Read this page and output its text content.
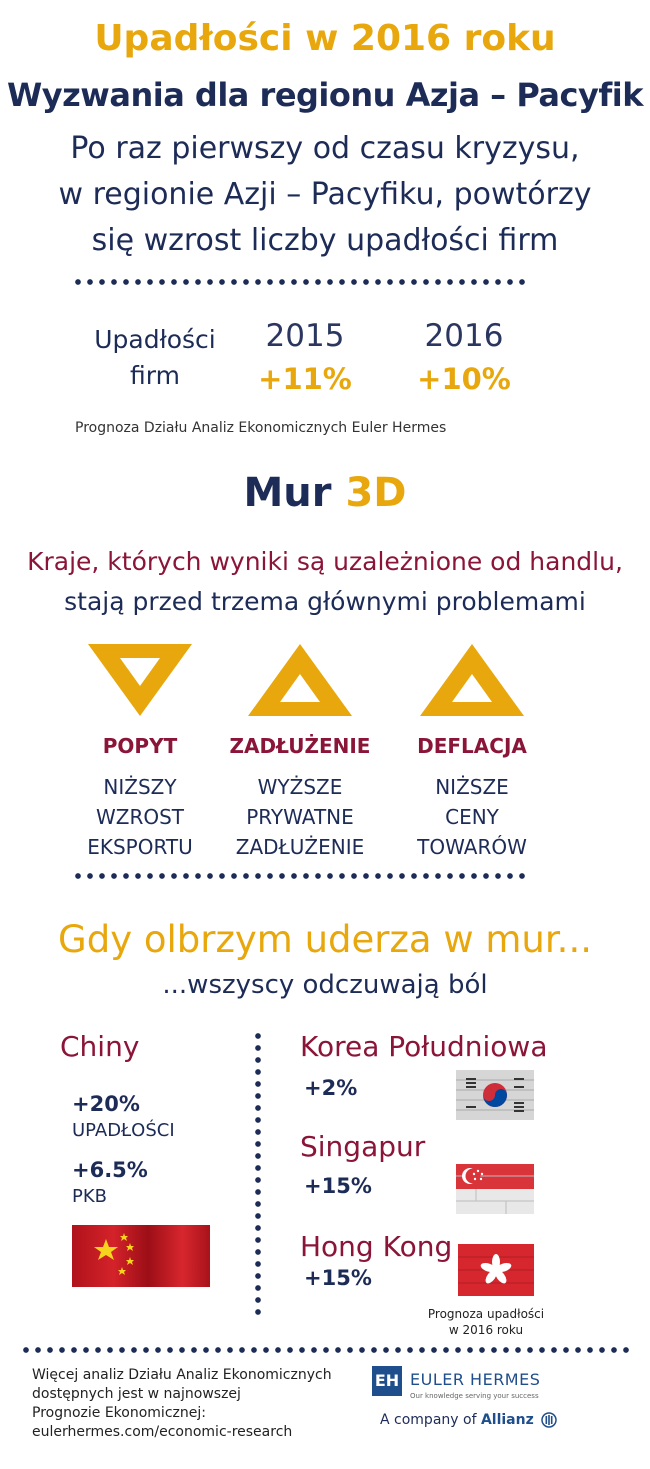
Upadłości w 2016 roku
Wyzwania dla regionu Azja – Pacyfik
Po raz pierwszy od czasu kryzysu,
w regionie Azji – Pacyfiku, powtórzy
się wzrost liczby upadłości firm
Upadłości
firm
2015
+11%
2016
+10%
Prognoza Działu Analiz Ekonomicznych Euler Hermes
Mur 3D
Kraje, których wyniki są uzależnione od handlu,
stają przed trzema głównymi problemami
POPYT
NIŻSZY
WZROST
EKSPORTU
ZADŁUŻENIE
WYŻSZE
PRYWATNE
ZADŁUŻENIE
DEFLACJA
NIŻSZE
CENY
TOWARÓW
Gdy olbrzym uderza w mur...
...wszyscy odczuwają ból
Chiny
+20%
UPADŁOŚCI
+6.5%
PKB
Korea Południowa
+2%
Singapur
+15%
Hong Kong
+15%
Prognoza upadłości
w 2016 roku
Więcej analiz Działu Analiz Ekonomicznych
dostępnych jest w najnowszej
Prognozie Ekonomicznej:
eulerhermes.com/economic-research
EH EULER HERMES
Our knowledge serving your success
A company of Allianz
